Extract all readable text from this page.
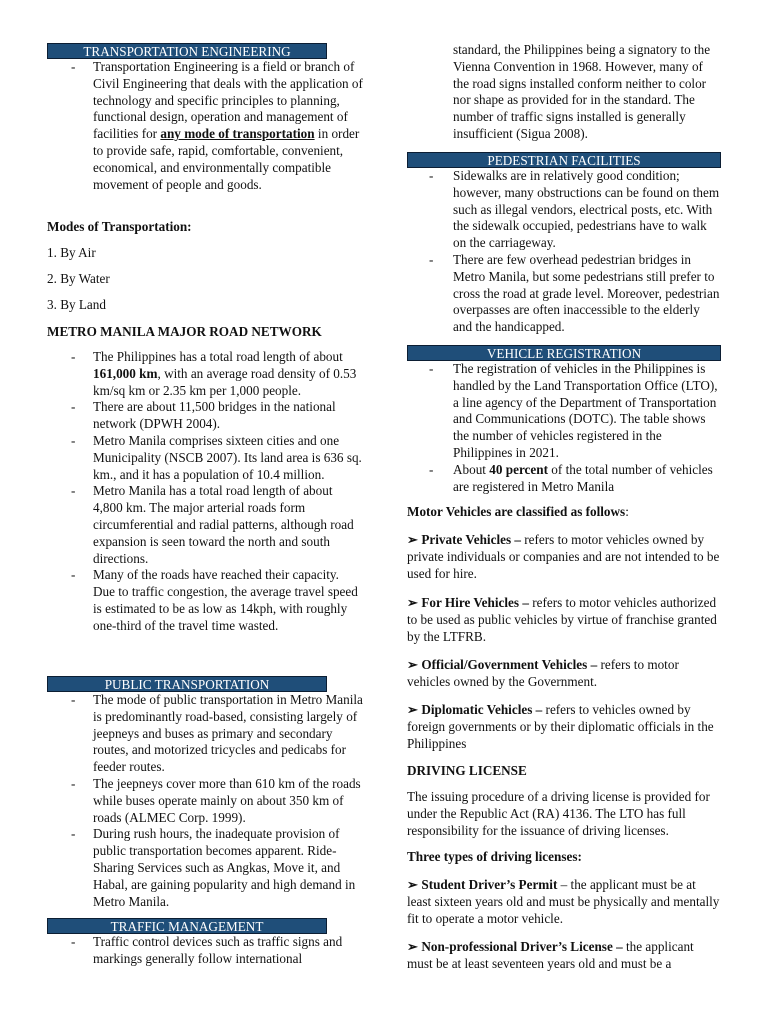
TRANSPORTATION ENGINEERING
- Transportation Engineering is a field or branch of Civil Engineering that deals with the application of technology and specific principles to planning, functional design, operation and management of facilities for any mode of transportation in order to provide safe, rapid, comfortable, convenient, economical, and environmentally compatible movement of people and goods.

Modes of Transportation:

1. By Air

2. By Water

3. By Land

METRO MANILA MAJOR ROAD NETWORK

- The Philippines has a total road length of about 161,000 km, with an average road density of 0.53 km/sq km or 2.35 km per 1,000 people.
- There are about 11,500 bridges in the national network (DPWH 2004).
- Metro Manila comprises sixteen cities and one Municipality (NSCB 2007). Its land area is 636 sq. km., and it has a population of 10.4 million.
- Metro Manila has a total road length of about 4,800 km. The major arterial roads form circumferential and radial patterns, although road expansion is seen toward the north and south directions.
- Many of the roads have reached their capacity. Due to traffic congestion, the average travel speed is estimated to be as low as 14kph, with roughly one-third of the travel time wasted.
PUBLIC TRANSPORTATION
- The mode of public transportation in Metro Manila is predominantly road-based, consisting largely of jeepneys and buses as primary and secondary routes, and motorized tricycles and pedicabs for feeder routes.
- The jeepneys cover more than 610 km of the roads while buses operate mainly on about 350 km of roads (ALMEC Corp. 1999).
- During rush hours, the inadequate provision of public transportation becomes apparent. Ride-Sharing Services such as Angkas, Move it, and Habal, are gaining popularity and high demand in Metro Manila.
TRAFFIC MANAGEMENT
- Traffic control devices such as traffic signs and markings generally follow international
standard, the Philippines being a signatory to the Vienna Convention in 1968. However, many of the road signs installed conform neither to color nor shape as provided for in the standard. The number of traffic signs installed is generally insufficient (Sigua 2008).
PEDESTRIAN FACILITIES
- Sidewalks are in relatively good condition; however, many obstructions can be found on them such as illegal vendors, electrical posts, etc. With the sidewalk occupied, pedestrians have to walk on the carriageway.
- There are few overhead pedestrian bridges in Metro Manila, but some pedestrians still prefer to cross the road at grade level. Moreover, pedestrian overpasses are often inaccessible to the elderly and the handicapped.
VEHICLE REGISTRATION
- The registration of vehicles in the Philippines is handled by the Land Transportation Office (LTO), a line agency of the Department of Transportation and Communications (DOTC). The table shows the number of vehicles registered in the Philippines in 2021.
- About 40 percent of the total number of vehicles are registered in Metro Manila

Motor Vehicles are classified as follows:

➢ Private Vehicles – refers to motor vehicles owned by private individuals or companies and are not intended to be used for hire.

➢ For Hire Vehicles – refers to motor vehicles authorized to be used as public vehicles by virtue of franchise granted by the LTFRB.

➢ Official/Government Vehicles – refers to motor vehicles owned by the Government.

➢ Diplomatic Vehicles – refers to vehicles owned by foreign governments or by their diplomatic officials in the Philippines

DRIVING LICENSE

The issuing procedure of a driving license is provided for under the Republic Act (RA) 4136. The LTO has full responsibility for the issuance of driving licenses.

Three types of driving licenses:

➢ Student Driver’s Permit – the applicant must be at least sixteen years old and must be physically and mentally fit to operate a motor vehicle.

➢ Non-professional Driver’s License – the applicant must be at least seventeen years old and must be a
